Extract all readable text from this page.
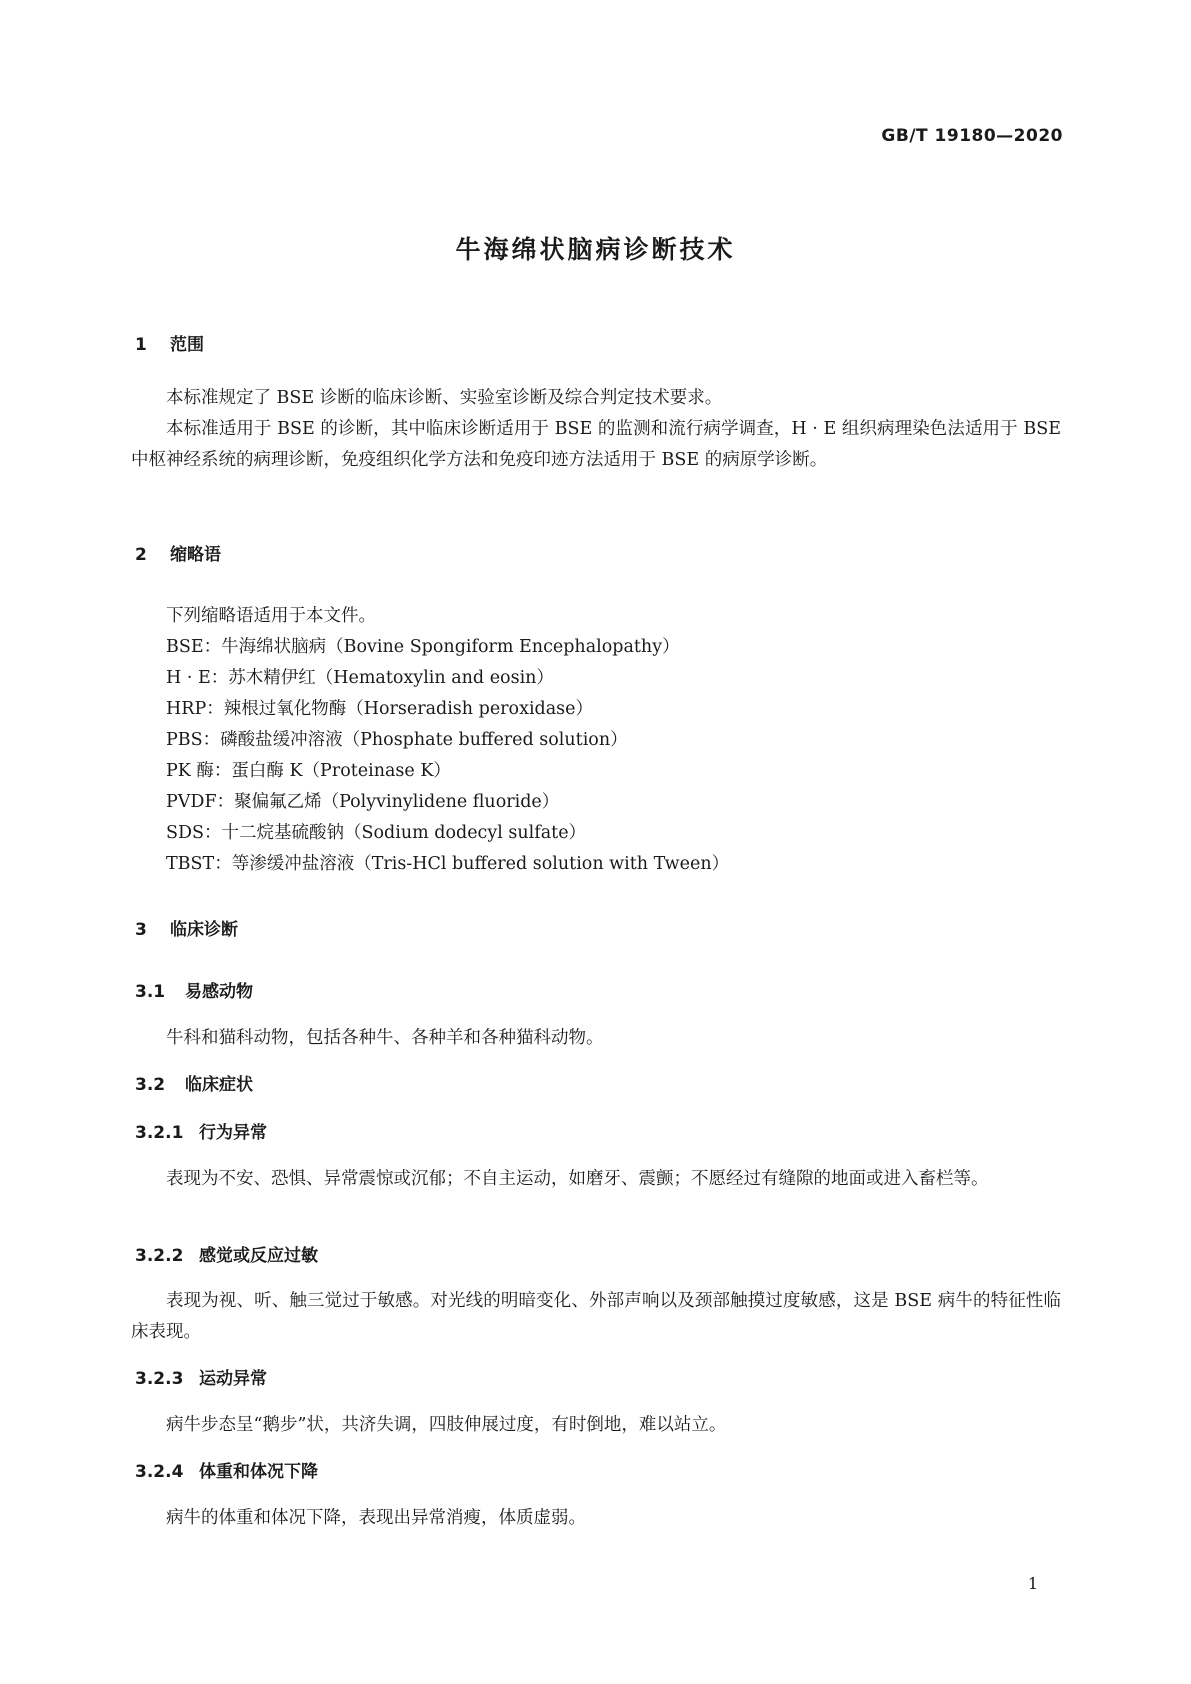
GB/T 19180—2020
牛海绵状脑病诊断技术
1 范围
本标准规定了 BSE 诊断的临床诊断、实验室诊断及综合判定技术要求。
本标准适用于 BSE 的诊断，其中临床诊断适用于 BSE 的监测和流行病学调查，H · E 组织病理染色法适用于 BSE 中枢神经系统的病理诊断，免疫组织化学方法和免疫印迹方法适用于 BSE 的病原学诊断。
2 缩略语
下列缩略语适用于本文件。
BSE：牛海绵状脑病（Bovine Spongiform Encephalopathy）
H · E：苏木精伊红（Hematoxylin and eosin）
HRP：辣根过氧化物酶（Horseradish peroxidase）
PBS：磷酸盐缓冲溶液（Phosphate buffered solution）
PK 酶：蛋白酶 K（Proteinase K）
PVDF：聚偏氟乙烯（Polyvinylidene fluoride）
SDS：十二烷基硫酸钠（Sodium dodecyl sulfate）
TBST：等渗缓冲盐溶液（Tris-HCl buffered solution with Tween）
3 临床诊断
3.1 易感动物
牛科和猫科动物，包括各种牛、各种羊和各种猫科动物。
3.2 临床症状
3.2.1 行为异常
表现为不安、恐惧、异常震惊或沉郁；不自主运动，如磨牙、震颤；不愿经过有缝隙的地面或进入畜栏等。
3.2.2 感觉或反应过敏
表现为视、听、触三觉过于敏感。对光线的明暗变化、外部声响以及颈部触摸过度敏感，这是 BSE 病牛的特征性临床表现。
3.2.3 运动异常
病牛步态呈“鹅步”状，共济失调，四肢伸展过度，有时倒地，难以站立。
3.2.4 体重和体况下降
病牛的体重和体况下降，表现出异常消瘦，体质虚弱。
1
